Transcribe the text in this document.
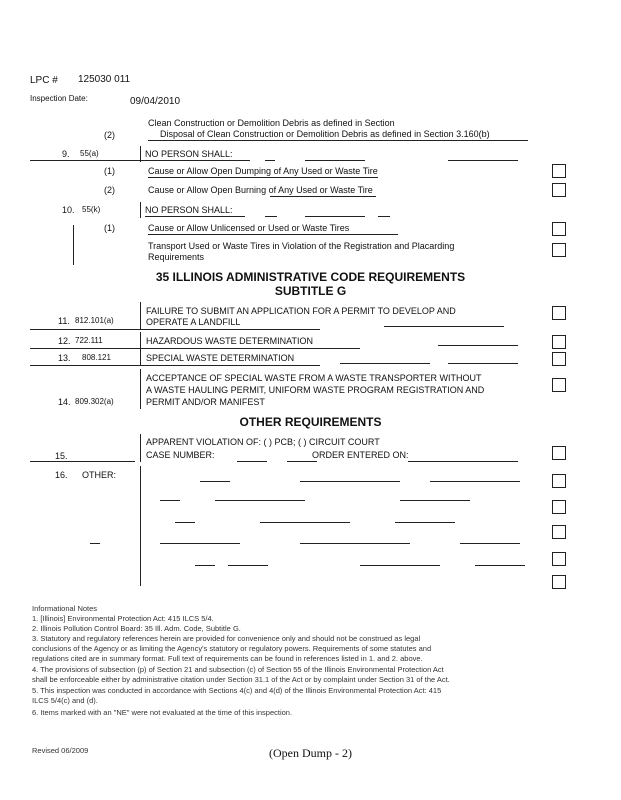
LPC # 125030 011
Inspection Date:	09/04/2010
Clean Construction or Demolition Debris as defined in Section
(2)	Disposal of Clean Construction or Demolition Debris as defined in Section 3.160(b)
9. 55(a)	NO PERSON SHALL:
(1)	Cause or Allow Open Dumping of Any Used or Waste Tire
(2)	Cause or Allow Open Burning of Any Used or Waste Tire
10. 55(k)	NO PERSON SHALL:
(1)	Cause or Allow Unlicensed or Used or Waste Tires
Transport Used or Waste Tires in Violation of the Registration and Placarding
Requirements
35 ILLINOIS ADMINISTRATIVE CODE REQUIREMENTS
SUBTITLE G
FAILURE TO SUBMIT AN APPLICATION FOR A PERMIT TO DEVELOP AND
11. 812.101(a)	OPERATE A LANDFILL
12. 722.111	HAZARDOUS WASTE DETERMINATION
13. 808.121	SPECIAL WASTE DETERMINATION
ACCEPTANCE OF SPECIAL WASTE FROM A WASTE TRANSPORTER WITHOUT
A WASTE HAULING PERMIT, UNIFORM WASTE PROGRAM REGISTRATION AND
14. 809.302(a)	PERMIT AND/OR MANIFEST
OTHER REQUIREMENTS
APPARENT VIOLATION OF: ( ) PCB; ( ) CIRCUIT COURT
15.	CASE NUMBER:	ORDER ENTERED ON:
16. OTHER:
Informational Notes
1. [Illinois] Environmental Protection Act: 415 ILCS 5/4.
2. Illinois Pollution Control Board: 35 Ill. Adm. Code, Subtitle G.
3. Statutory and regulatory references herein are provided for convenience only and should not be construed as legal
conclusions of the Agency or as limiting the Agency's statutory or regulatory powers. Requirements of some statutes and
regulations cited are in summary format. Full text of requirements can be found in references listed in 1. and 2. above.
4. The provisions of subsection (p) of Section 21 and subsection (c) of Section 55 of the Illinois Environmental Protection Act
shall be enforceable either by administrative citation under Section 31.1 of the Act or by complaint under Section 31 of the Act.
5. This inspection was conducted in accordance with Sections 4(c) and 4(d) of the Illinois Environmental Protection Act: 415
ILCS 5/4(c) and (d).
6. Items marked with an "NE" were not evaluated at the time of this inspection.
Revised 06/2009	(Open Dump - 2)
